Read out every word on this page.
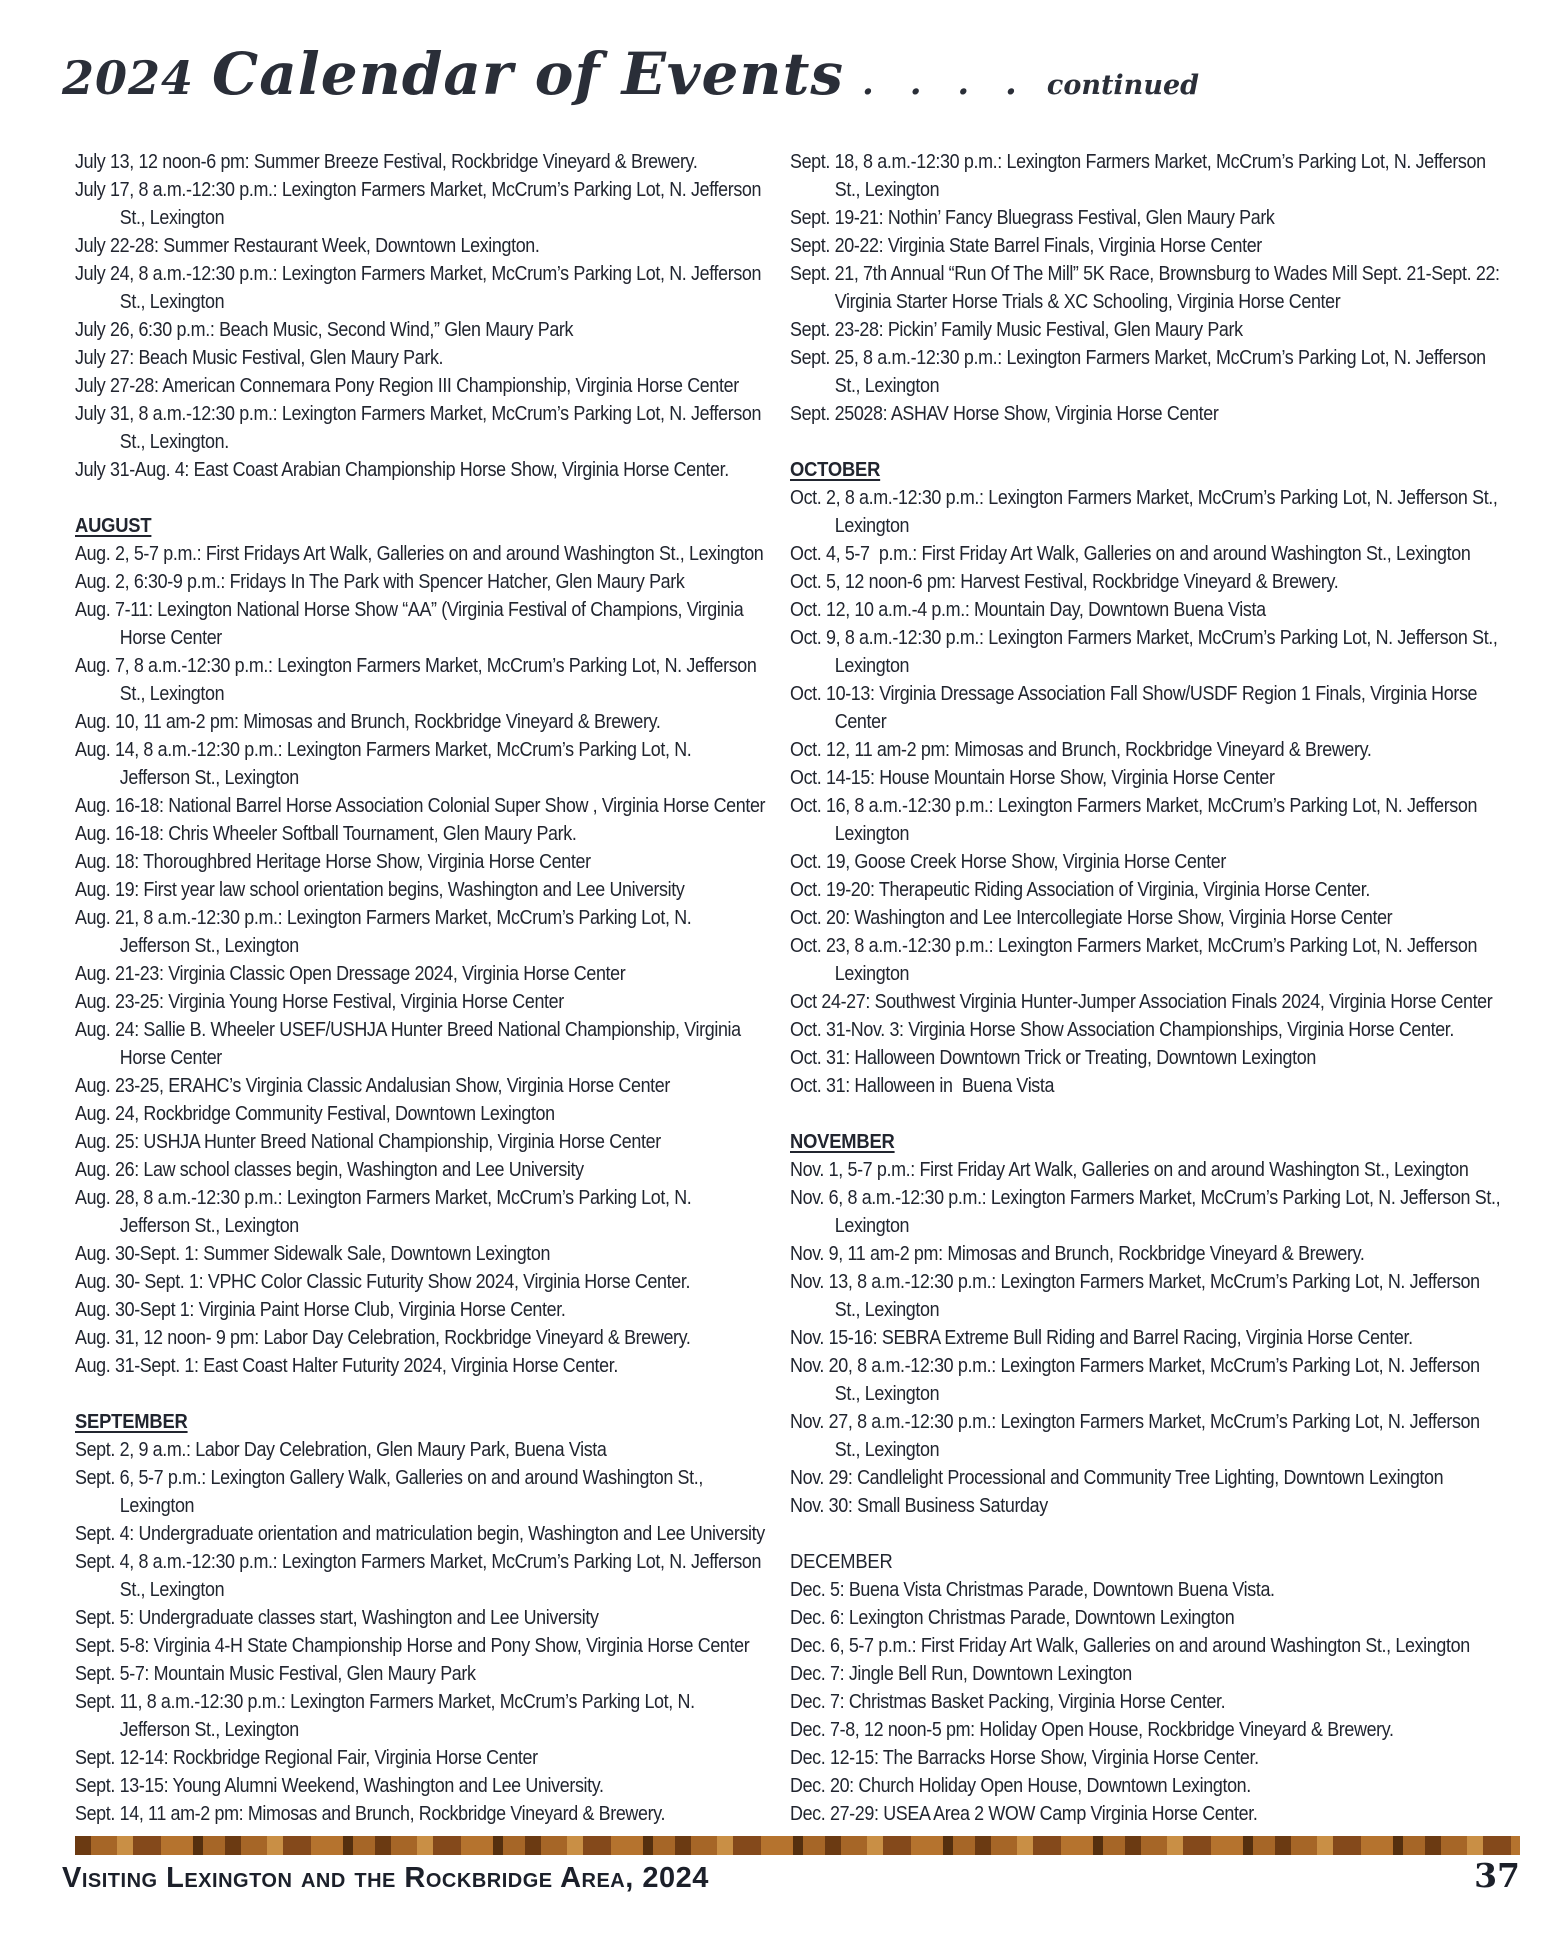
2024 Calendar of Events . . . . continued

July 13, 12 noon-6 pm: Summer Breeze Festival, Rockbridge Vineyard & Brewery.

July 17, 8 a.m.-12:30 p.m.: Lexington Farmers Market, McCrum’s Parking Lot, N. Jefferson St., Lexington

July 22-28: Summer Restaurant Week, Downtown Lexington.

July 24, 8 a.m.-12:30 p.m.: Lexington Farmers Market, McCrum’s Parking Lot, N. Jefferson St., Lexington

July 26, 6:30 p.m.: Beach Music, Second Wind,” Glen Maury Park

July 27: Beach Music Festival, Glen Maury Park.

July 27-28: American Connemara Pony Region III Championship, Virginia Horse Center

July 31, 8 a.m.-12:30 p.m.: Lexington Farmers Market, McCrum’s Parking Lot, N. Jefferson St., Lexington.

July 31-Aug. 4: East Coast Arabian Championship Horse Show, Virginia Horse Center.

AUGUST

Aug. 2, 5-7 p.m.: First Fridays Art Walk, Galleries on and around Washington St., Lexington

Aug. 2, 6:30-9 p.m.: Fridays In The Park with Spencer Hatcher, Glen Maury Park

Aug. 7-11: Lexington National Horse Show “AA” (Virginia Festival of Champions, Virginia Horse Center

Aug. 7, 8 a.m.-12:30 p.m.: Lexington Farmers Market, McCrum’s Parking Lot, N. Jefferson St., Lexington

Aug. 10, 11 am-2 pm: Mimosas and Brunch, Rockbridge Vineyard & Brewery.

Aug. 14, 8 a.m.-12:30 p.m.: Lexington Farmers Market, McCrum’s Parking Lot, N. Jefferson St., Lexington

Aug. 16-18: National Barrel Horse Association Colonial Super Show , Virginia Horse Center

Aug. 16-18: Chris Wheeler Softball Tournament, Glen Maury Park.

Aug. 18: Thoroughbred Heritage Horse Show, Virginia Horse Center

Aug. 19: First year law school orientation begins, Washington and Lee University

Aug. 21, 8 a.m.-12:30 p.m.: Lexington Farmers Market, McCrum’s Parking Lot, N. Jefferson St., Lexington

Aug. 21-23: Virginia Classic Open Dressage 2024, Virginia Horse Center

Aug. 23-25: Virginia Young Horse Festival, Virginia Horse Center

Aug. 24: Sallie B. Wheeler USEF/USHJA Hunter Breed National Championship, Virginia Horse Center

Aug. 23-25, ERAHC’s Virginia Classic Andalusian Show, Virginia Horse Center

Aug. 24, Rockbridge Community Festival, Downtown Lexington

Aug. 25: USHJA Hunter Breed National Championship, Virginia Horse Center

Aug. 26: Law school classes begin, Washington and Lee University

Aug. 28, 8 a.m.-12:30 p.m.: Lexington Farmers Market, McCrum’s Parking Lot, N. Jefferson St., Lexington

Aug. 30-Sept. 1: Summer Sidewalk Sale, Downtown Lexington

Aug. 30- Sept. 1: VPHC Color Classic Futurity Show 2024, Virginia Horse Center.

Aug. 30-Sept 1: Virginia Paint Horse Club, Virginia Horse Center.

Aug. 31, 12 noon- 9 pm: Labor Day Celebration, Rockbridge Vineyard & Brewery.

Aug. 31-Sept. 1: East Coast Halter Futurity 2024, Virginia Horse Center.

SEPTEMBER

Sept. 2, 9 a.m.: Labor Day Celebration, Glen Maury Park, Buena Vista

Sept. 6, 5-7 p.m.: Lexington Gallery Walk, Galleries on and around Washington St., Lexington

Sept. 4: Undergraduate orientation and matriculation begin, Washington and Lee University

Sept. 4, 8 a.m.-12:30 p.m.: Lexington Farmers Market, McCrum’s Parking Lot, N. Jefferson St., Lexington

Sept. 5: Undergraduate classes start, Washington and Lee University

Sept. 5-8: Virginia 4-H State Championship Horse and Pony Show, Virginia Horse Center

Sept. 5-7: Mountain Music Festival, Glen Maury Park

Sept. 11, 8 a.m.-12:30 p.m.: Lexington Farmers Market, McCrum’s Parking Lot, N. Jefferson St., Lexington

Sept. 12-14: Rockbridge Regional Fair, Virginia Horse Center

Sept. 13-15: Young Alumni Weekend, Washington and Lee University.

Sept. 14, 11 am-2 pm: Mimosas and Brunch, Rockbridge Vineyard & Brewery.

Sept. 18, 8 a.m.-12:30 p.m.: Lexington Farmers Market, McCrum’s Parking Lot, N. Jefferson St., Lexington

Sept. 19-21: Nothin’ Fancy Bluegrass Festival, Glen Maury Park

Sept. 20-22: Virginia State Barrel Finals, Virginia Horse Center

Sept. 21, 7th Annual “Run Of The Mill” 5K Race, Brownsburg to Wades Mill Sept. 21-Sept. 22: Virginia Starter Horse Trials & XC Schooling, Virginia Horse Center

Sept. 23-28: Pickin’ Family Music Festival, Glen Maury Park

Sept. 25, 8 a.m.-12:30 p.m.: Lexington Farmers Market, McCrum’s Parking Lot, N. Jefferson St., Lexington

Sept. 25028: ASHAV Horse Show, Virginia Horse Center

OCTOBER

Oct. 2, 8 a.m.-12:30 p.m.: Lexington Farmers Market, McCrum’s Parking Lot, N. Jefferson St., Lexington

Oct. 4, 5-7  p.m.: First Friday Art Walk, Galleries on and around Washington St., Lexington

Oct. 5, 12 noon-6 pm: Harvest Festival, Rockbridge Vineyard & Brewery.

Oct. 12, 10 a.m.-4 p.m.: Mountain Day, Downtown Buena Vista

Oct. 9, 8 a.m.-12:30 p.m.: Lexington Farmers Market, McCrum’s Parking Lot, N. Jefferson St., Lexington

Oct. 10-13: Virginia Dressage Association Fall Show/USDF Region 1 Finals, Virginia Horse Center

Oct. 12, 11 am-2 pm: Mimosas and Brunch, Rockbridge Vineyard & Brewery.

Oct. 14-15: House Mountain Horse Show, Virginia Horse Center

Oct. 16, 8 a.m.-12:30 p.m.: Lexington Farmers Market, McCrum’s Parking Lot, N. Jefferson Lexington

Oct. 19, Goose Creek Horse Show, Virginia Horse Center

Oct. 19-20: Therapeutic Riding Association of Virginia, Virginia Horse Center.

Oct. 20: Washington and Lee Intercollegiate Horse Show, Virginia Horse Center

Oct. 23, 8 a.m.-12:30 p.m.: Lexington Farmers Market, McCrum’s Parking Lot, N. Jefferson Lexington

Oct 24-27: Southwest Virginia Hunter-Jumper Association Finals 2024, Virginia Horse Center

Oct. 31-Nov. 3: Virginia Horse Show Association Championships, Virginia Horse Center.

Oct. 31: Halloween Downtown Trick or Treating, Downtown Lexington

Oct. 31: Halloween in  Buena Vista

NOVEMBER

Nov. 1, 5-7 p.m.: First Friday Art Walk, Galleries on and around Washington St., Lexington

Nov. 6, 8 a.m.-12:30 p.m.: Lexington Farmers Market, McCrum’s Parking Lot, N. Jefferson St., Lexington

Nov. 9, 11 am-2 pm: Mimosas and Brunch, Rockbridge Vineyard & Brewery.

Nov. 13, 8 a.m.-12:30 p.m.: Lexington Farmers Market, McCrum’s Parking Lot, N. Jefferson  St., Lexington

Nov. 15-16: SEBRA Extreme Bull Riding and Barrel Racing, Virginia Horse Center.

Nov. 20, 8 a.m.-12:30 p.m.: Lexington Farmers Market, McCrum’s Parking Lot, N. Jefferson St., Lexington

Nov. 27, 8 a.m.-12:30 p.m.: Lexington Farmers Market, McCrum’s Parking Lot, N. Jefferson St., Lexington

Nov. 29: Candlelight Processional and Community Tree Lighting, Downtown Lexington

Nov. 30: Small Business Saturday

DECEMBER

Dec. 5: Buena Vista Christmas Parade, Downtown Buena Vista.

Dec. 6: Lexington Christmas Parade, Downtown Lexington

Dec. 6, 5-7 p.m.: First Friday Art Walk, Galleries on and around Washington St., Lexington

Dec. 7: Jingle Bell Run, Downtown Lexington

Dec. 7: Christmas Basket Packing, Virginia Horse Center.

Dec. 7-8, 12 noon-5 pm: Holiday Open House, Rockbridge Vineyard & Brewery.

Dec. 12-15: The Barracks Horse Show, Virginia Horse Center.

Dec. 20: Church Holiday Open House, Downtown Lexington.

Dec. 27-29: USEA Area 2 WOW Camp Virginia Horse Center.

Visiting Lexington and the Rockbridge Area, 2024	37
